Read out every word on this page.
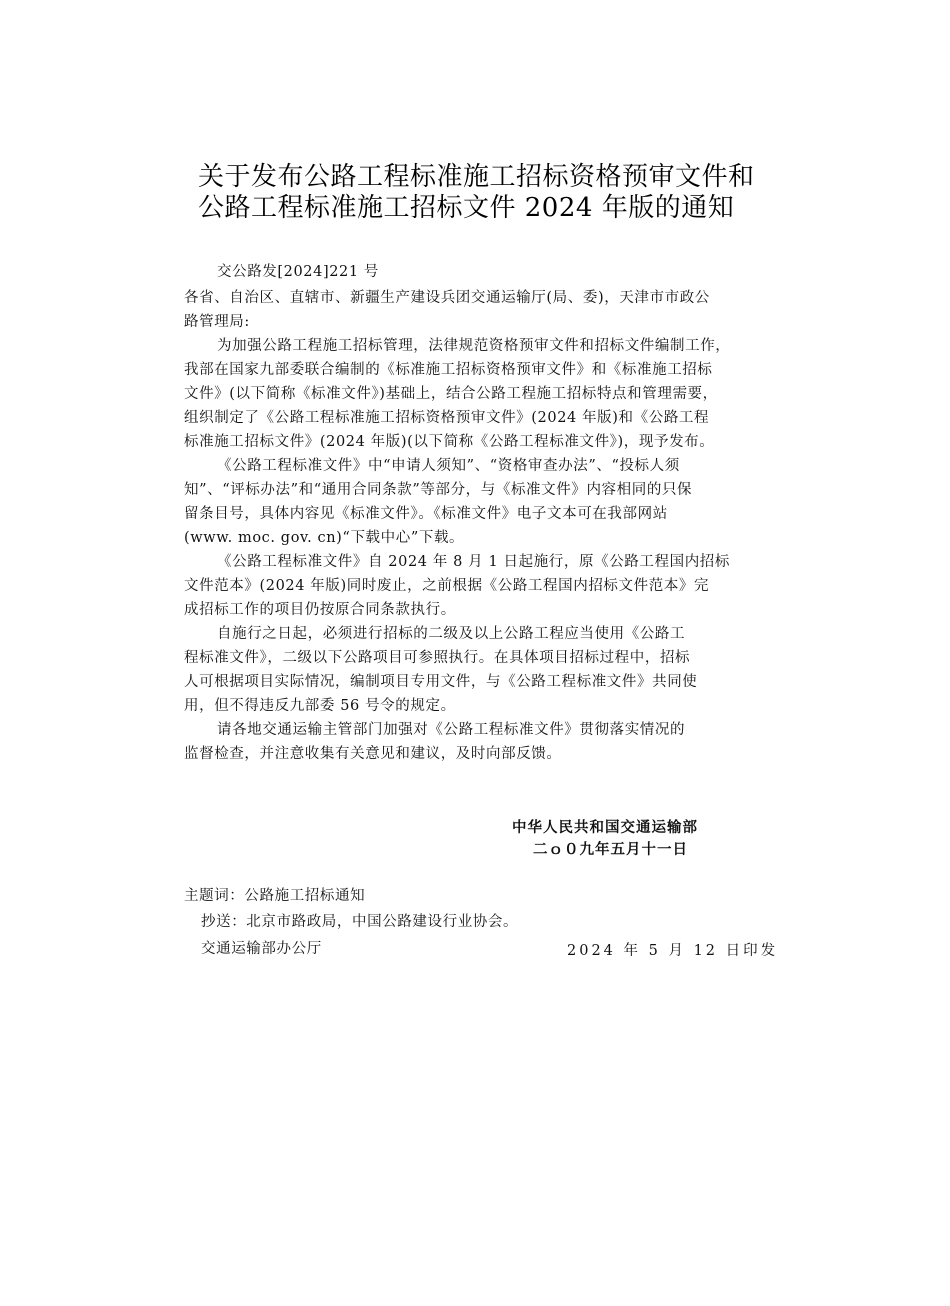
关于发布公路工程标准施工招标资格预审文件和
公路工程标准施工招标文件 2024 年版的通知
交公路发[2024]221 号
各省、自治区、直辖市、新疆生产建设兵团交通运输厅(局、委)，天津市市政公
路管理局:
为加强公路工程施工招标管理，法律规范资格预审文件和招标文件编制工作，
我部在国家九部委联合编制的《标准施工招标资格预审文件》和《标准施工招标
文件》(以下简称《标准文件》)基础上，结合公路工程施工招标特点和管理需要，
组织制定了《公路工程标准施工招标资格预审文件》(2024 年版)和《公路工程
标准施工招标文件》(2024 年版)(以下简称《公路工程标准文件》)，现予发布。
《公路工程标准文件》中“申请人须知”、“资格审查办法”、“投标人须
知”、“评标办法”和“通用合同条款”等部分，与《标准文件》内容相同的只保
留条目号，具体内容见《标准文件》。《标准文件》电子文本可在我部网站
(www. moc. gov. cn)“下载中心”下载。
《公路工程标准文件》自 2024 年 8 月 1 日起施行，原《公路工程国内招标
文件范本》(2024 年版)同时废止，之前根据《公路工程国内招标文件范本》完
成招标工作的项目仍按原合同条款执行。
自施行之日起，必须进行招标的二级及以上公路工程应当使用《公路工
程标准文件》，二级以下公路项目可参照执行。在具体项目招标过程中，招标
人可根据项目实际情况，编制项目专用文件，与《公路工程标准文件》共同使
用，但不得违反九部委 56 号令的规定。
请各地交通运输主管部门加强对《公路工程标准文件》贯彻落实情况的
监督检查，并注意收集有关意见和建议，及时向部反馈。
中华人民共和国交通运输部
二ｏ０九年五月十一日
主题词：公路施工招标通知
抄送：北京市路政局，中国公路建设行业协会。
交通运输部办公厅	2024 年 5 月 12 日印发
